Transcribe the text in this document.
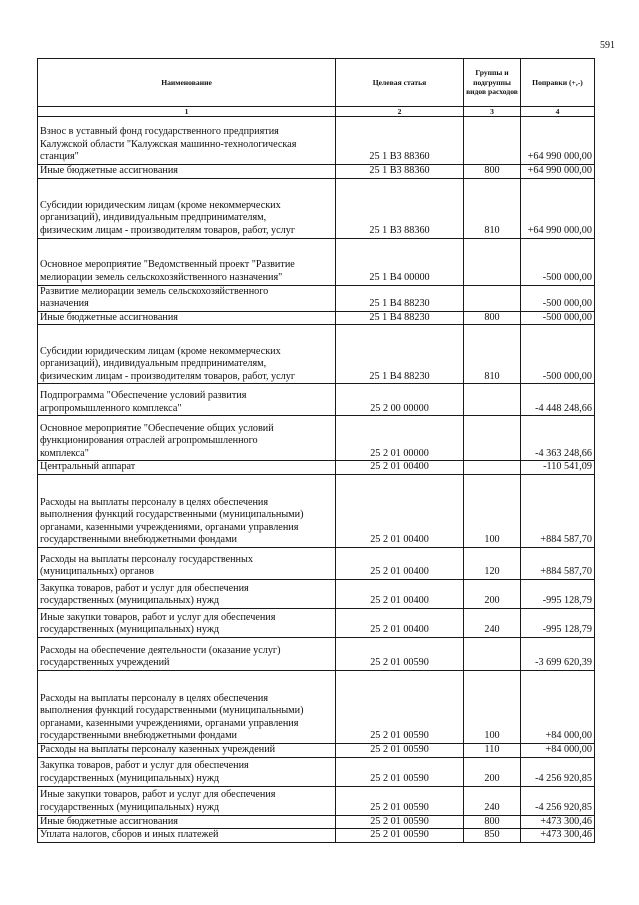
591
Наименование	Целевая статья	Группы и подгруппы видов расходов	Поправки (+,-)
1	2	3	4

Взнос в уставный фонд государственного предприятия
Калужской области "Калужская машинно-технологическая
станция"	25 1 В3 88360		+64 990 000,00

Иные бюджетные ассигнования	25 1 В3 88360	800	+64 990 000,00

Субсидии юридическим лицам (кроме некоммерческих
организаций), индивидуальным предпринимателям,
физическим лицам - производителям товаров, работ, услуг	25 1 В3 88360	810	+64 990 000,00

Основное мероприятие "Ведомственный проект "Развитие
мелиорации земель сельскохозяйственного назначения"	25 1 В4 00000		-500 000,00

Развитие мелиорации земель сельскохозяйственного
назначения	25 1 В4 88230		-500 000,00

Иные бюджетные ассигнования	25 1 В4 88230	800	-500 000,00

Субсидии юридическим лицам (кроме некоммерческих
организаций), индивидуальным предпринимателям,
физическим лицам - производителям товаров, работ, услуг	25 1 В4 88230	810	-500 000,00

Подпрограмма "Обеспечение условий развития
агропромышленного комплекса"	25 2 00 00000		-4 448 248,66

Основное мероприятие "Обеспечение общих условий
функционирования отраслей агропромышленного
комплекса"	25 2 01 00000		-4 363 248,66

Центральный аппарат	25 2 01 00400		-110 541,09

Расходы на выплаты персоналу в целях обеспечения
выполнения функций государственными (муниципальными)
органами, казенными учреждениями, органами управления
государственными внебюджетными фондами	25 2 01 00400	100	+884 587,70

Расходы на выплаты персоналу государственных
(муниципальных) органов	25 2 01 00400	120	+884 587,70

Закупка товаров, работ и услуг для обеспечения
государственных (муниципальных) нужд	25 2 01 00400	200	-995 128,79

Иные закупки товаров, работ и услуг для обеспечения
государственных (муниципальных) нужд	25 2 01 00400	240	-995 128,79

Расходы на обеспечение деятельности (оказание услуг)
государственных учреждений	25 2 01 00590		-3 699 620,39

Расходы на выплаты персоналу в целях обеспечения
выполнения функций государственными (муниципальными)
органами, казенными учреждениями, органами управления
государственными внебюджетными фондами	25 2 01 00590	100	+84 000,00

Расходы на выплаты персоналу казенных учреждений	25 2 01 00590	110	+84 000,00

Закупка товаров, работ и услуг для обеспечения
государственных (муниципальных) нужд	25 2 01 00590	200	-4 256 920,85

Иные закупки товаров, работ и услуг для обеспечения
государственных (муниципальных) нужд	25 2 01 00590	240	-4 256 920,85

Иные бюджетные ассигнования	25 2 01 00590	800	+473 300,46

Уплата налогов, сборов и иных платежей	25 2 01 00590	850	+473 300,46
